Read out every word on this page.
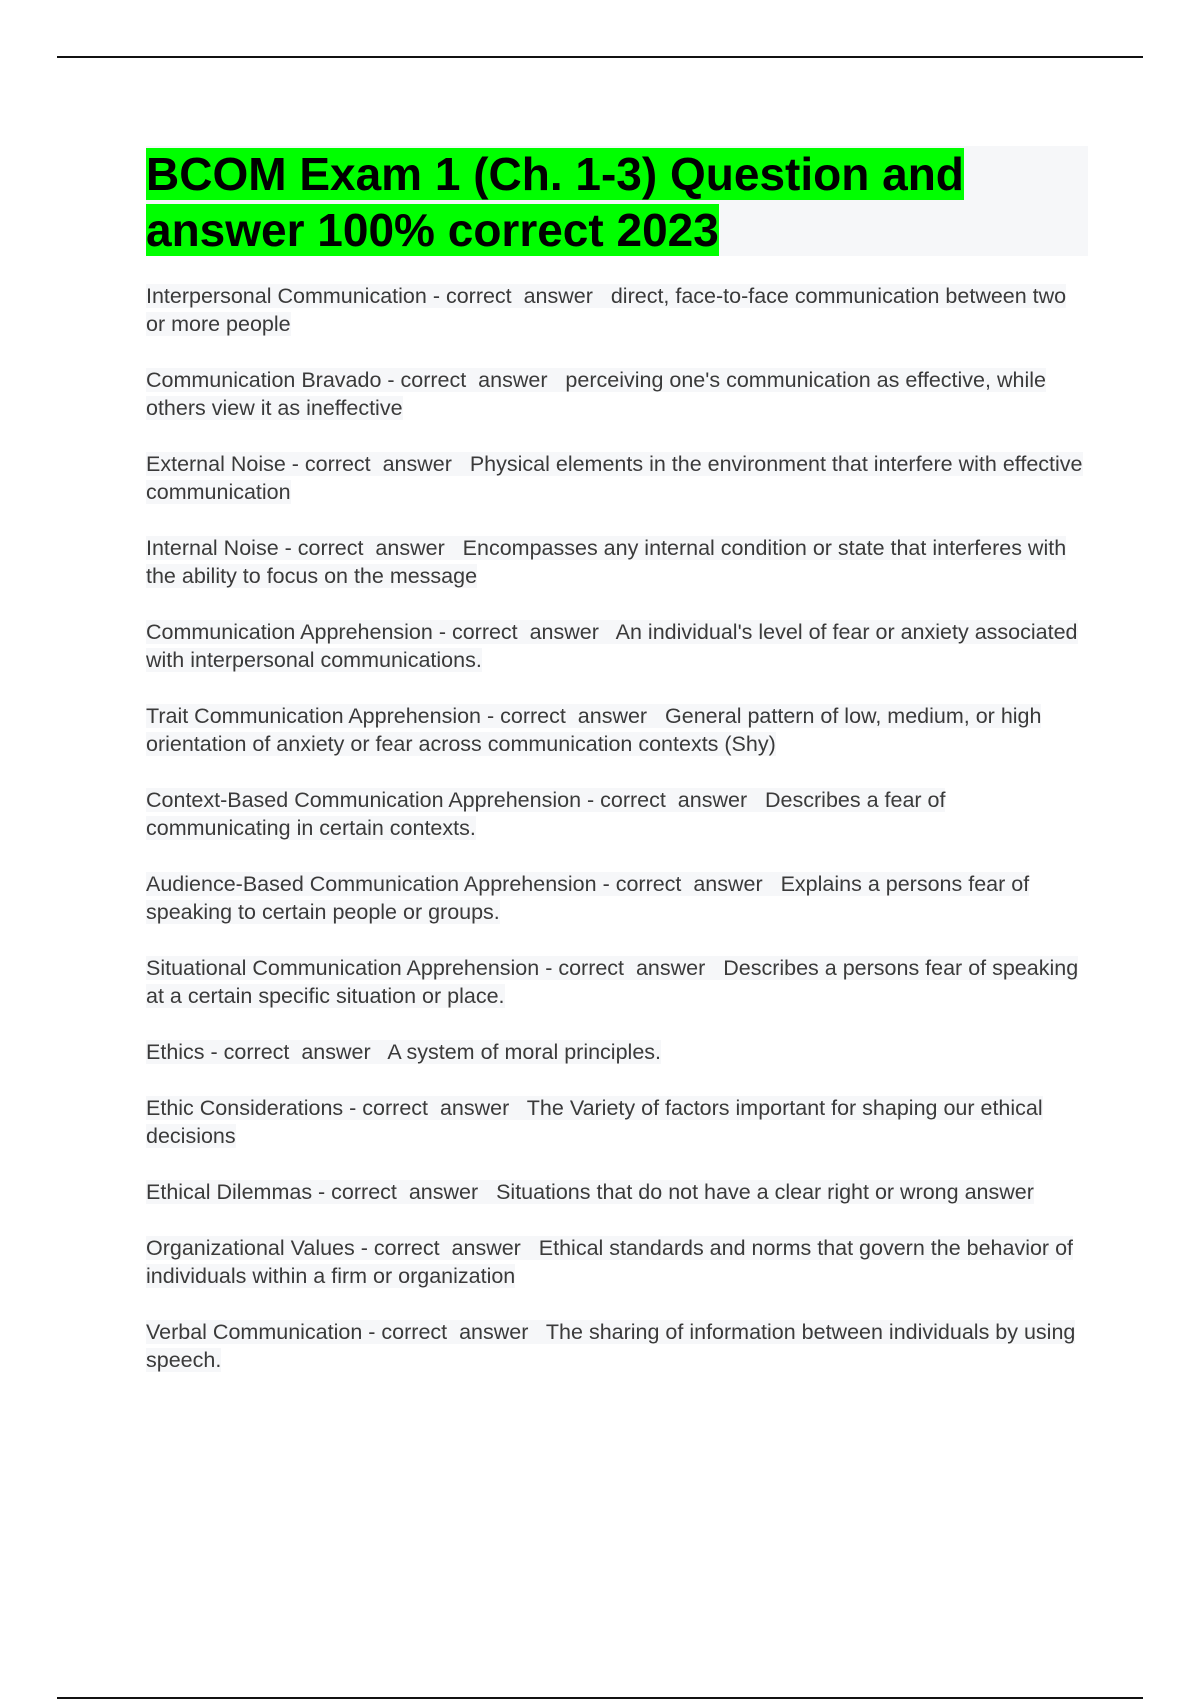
BCOM Exam 1 (Ch. 1-3) Question and answer 100% correct 2023
Interpersonal Communication - correct  answer   direct, face-to-face communication between two or more people
Communication Bravado - correct  answer   perceiving one's communication as effective, while others view it as ineffective
External Noise - correct  answer   Physical elements in the environment that interfere with effective communication
Internal Noise - correct  answer   Encompasses any internal condition or state that interferes with the ability to focus on the message
Communication Apprehension - correct  answer   An individual's level of fear or anxiety associated with interpersonal communications.
Trait Communication Apprehension - correct  answer   General pattern of low, medium, or high orientation of anxiety or fear across communication contexts (Shy)
Context-Based Communication Apprehension - correct  answer   Describes a fear of communicating in certain contexts.
Audience-Based Communication Apprehension - correct  answer   Explains a persons fear of speaking to certain people or groups.
Situational Communication Apprehension - correct  answer   Describes a persons fear of speaking at a certain specific situation or place.
Ethics - correct  answer   A system of moral principles.
Ethic Considerations - correct  answer   The Variety of factors important for shaping our ethical decisions
Ethical Dilemmas - correct  answer   Situations that do not have a clear right or wrong answer
Organizational Values - correct  answer   Ethical standards and norms that govern the behavior of individuals within a firm or organization
Verbal Communication - correct  answer   The sharing of information between individuals by using speech.
